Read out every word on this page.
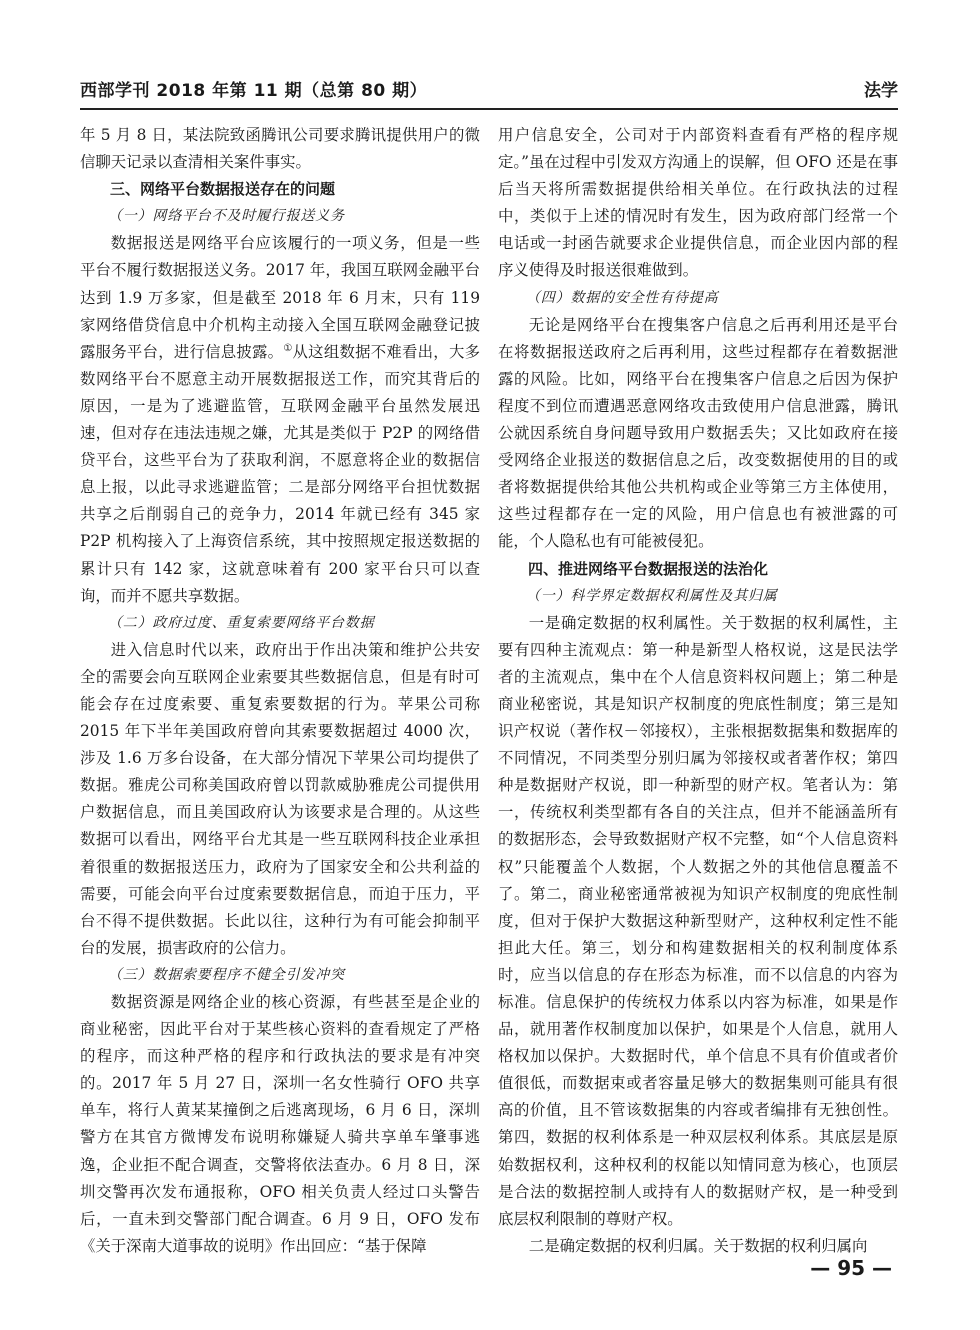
西部学刊 2018 年第 11 期（总第 80 期）	法学

年 5 月 8 日，某法院致函腾讯公司要求腾讯提供用户的微信聊天记录以查清相关案件事实。

三、网络平台数据报送存在的问题

（一）网络平台不及时履行报送义务

数据报送是网络平台应该履行的一项义务，但是一些平台不履行数据报送义务。2017 年，我国互联网金融平台达到 1.9 万多家，但是截至 2018 年 6 月末，只有 119 家网络借贷信息中介机构主动接入全国互联网金融登记披露服务平台，进行信息披露。①从这组数据不难看出，大多数网络平台不愿意主动开展数据报送工作，而究其背后的原因，一是为了逃避监管，互联网金融平台虽然发展迅速，但对存在违法违规之嫌，尤其是类似于 P2P 的网络借贷平台，这些平台为了获取利润，不愿意将企业的数据信息上报，以此寻求逃避监管；二是部分网络平台担忧数据共享之后削弱自己的竞争力，2014 年就已经有 345 家 P2P 机构接入了上海资信系统，其中按照规定报送数据的累计只有 142 家，这就意味着有 200 家平台只可以查询，而并不愿共享数据。

（二）政府过度、重复索要网络平台数据

进入信息时代以来，政府出于作出决策和维护公共安全的需要会向互联网企业索要其些数据信息，但是有时可能会存在过度索要、重复索要数据的行为。苹果公司称 2015 年下半年美国政府曾向其索要数据超过 4000 次，涉及 1.6 万多台设备，在大部分情况下苹果公司均提供了数据。雅虎公司称美国政府曾以罚款威胁雅虎公司提供用户数据信息，而且美国政府认为该要求是合理的。从这些数据可以看出，网络平台尤其是一些互联网科技企业承担着很重的数据报送压力，政府为了国家安全和公共利益的需要，可能会向平台过度索要数据信息，而迫于压力，平台不得不提供数据。长此以往，这种行为有可能会抑制平台的发展，损害政府的公信力。

（三）数据索要程序不健全引发冲突

数据资源是网络企业的核心资源，有些甚至是企业的商业秘密，因此平台对于某些核心资料的查看规定了严格的程序，而这种严格的程序和行政执法的要求是有冲突的。2017 年 5 月 27 日，深圳一名女性骑行 OFO 共享单车，将行人黄某某撞倒之后逃离现场，6 月 6 日，深圳警方在其官方微博发布说明称嫌疑人骑共享单车肇事逃逸，企业拒不配合调查，交警将依法查办。6 月 8 日，深圳交警再次发布通报称，OFO 相关负责人经过口头警告后，一直未到交警部门配合调查。6 月 9 日，OFO 发布《关于深南大道事故的说明》作出回应：“基于保障

用户信息安全，公司对于内部资料查看有严格的程序规定。”虽在过程中引发双方沟通上的误解，但 OFO 还是在事后当天将所需数据提供给相关单位。在行政执法的过程中，类似于上述的情况时有发生，因为政府部门经常一个电话或一封函告就要求企业提供信息，而企业因内部的程序义使得及时报送很难做到。

（四）数据的安全性有待提高

无论是网络平台在搜集客户信息之后再利用还是平台在将数据报送政府之后再利用，这些过程都存在着数据泄露的风险。比如，网络平台在搜集客户信息之后因为保护程度不到位而遭遇恶意网络攻击致使用户信息泄露，腾讯公就因系统自身问题导致用户数据丢失；又比如政府在接受网络企业报送的数据信息之后，改变数据使用的目的或者将数据提供给其他公共机构或企业等第三方主体使用，这些过程都存在一定的风险，用户信息也有被泄露的可能，个人隐私也有可能被侵犯。

四、推进网络平台数据报送的法治化

（一）科学界定数据权利属性及其归属

一是确定数据的权利属性。关于数据的权利属性，主要有四种主流观点：第一种是新型人格权说，这是民法学者的主流观点，集中在个人信息资料权问题上；第二种是商业秘密说，其是知识产权制度的兜底性制度；第三是知识产权说（著作权－邻接权），主张根据数据集和数据库的不同情况，不同类型分别归属为邻接权或者著作权；第四种是数据财产权说，即一种新型的财产权。笔者认为：第一，传统权利类型都有各自的关注点，但并不能涵盖所有的数据形态，会导致数据财产权不完整，如“个人信息资料权”只能覆盖个人数据，个人数据之外的其他信息覆盖不了。第二，商业秘密通常被视为知识产权制度的兜底性制度，但对于保护大数据这种新型财产，这种权利定性不能担此大任。第三，划分和构建数据相关的权利制度体系时，应当以信息的存在形态为标准，而不以信息的内容为标准。信息保护的传统权力体系以内容为标准，如果是作品，就用著作权制度加以保护，如果是个人信息，就用人格权加以保护。大数据时代，单个信息不具有价值或者价值很低，而数据束或者容量足够大的数据集则可能具有很高的价值，且不管该数据集的内容或者编排有无独创性。第四，数据的权利体系是一种双层权利体系。其底层是原始数据权利，这种权利的权能以知情同意为核心，也顶层是合法的数据控制人或持有人的数据财产权，是一种受到底层权利限制的尊财产权。

二是确定数据的权利归属。关于数据的权利归属向

— 95 —
